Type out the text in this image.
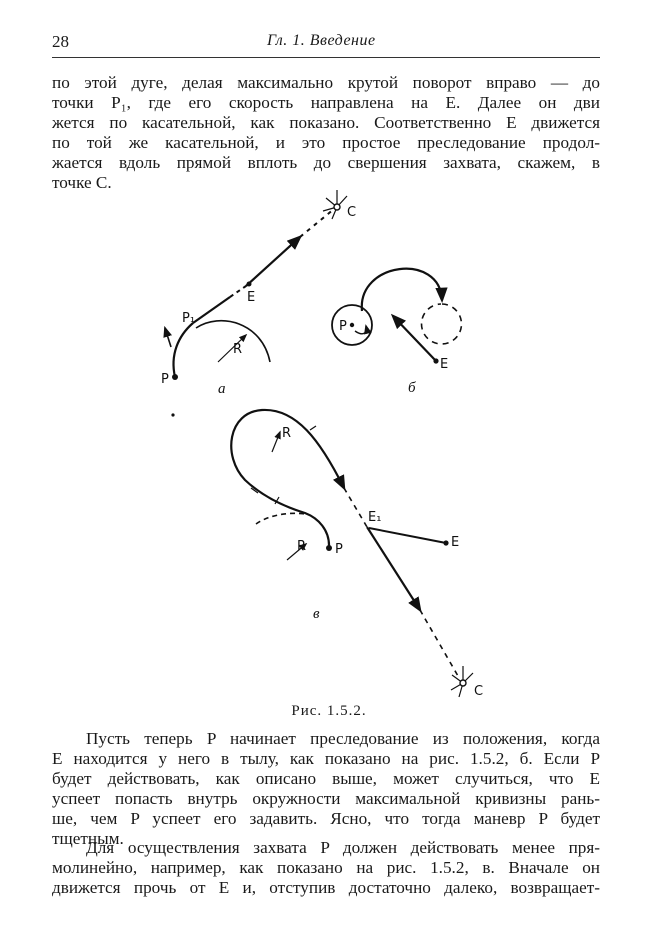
28	Гл. 1. Введение

по этой дуге, делая максимально крутой поворот вправо — до
точки P₁, где его скорость направлена на E. Далее он дви
жется по касательной, как показано. Соответственно E движется
по той же касательной, и это простое преследование продол-
жается вдоль прямой вплоть до свершения захвата, скажем, в
точке C.

C
E
P₁
P
R
а
P
E
б
R
R P
E₁
E
C
в
Рис. 1.5.2.

Пусть теперь P начинает преследование из положения, когда
E находится у него в тылу, как показано на рис. 1.5.2, б. Если P
будет действовать, как описано выше, может случиться, что E
успеет попасть внутрь окружности максимальной кривизны рань-
ше, чем P успеет его задавить. Ясно, что тогда маневр P будет
тщетным.

Для осуществления захвата P должен действовать менее пря-
молинейно, например, как показано на рис. 1.5.2, в. Вначале он
движется прочь от E и, отступив достаточно далеко, возвращает-
